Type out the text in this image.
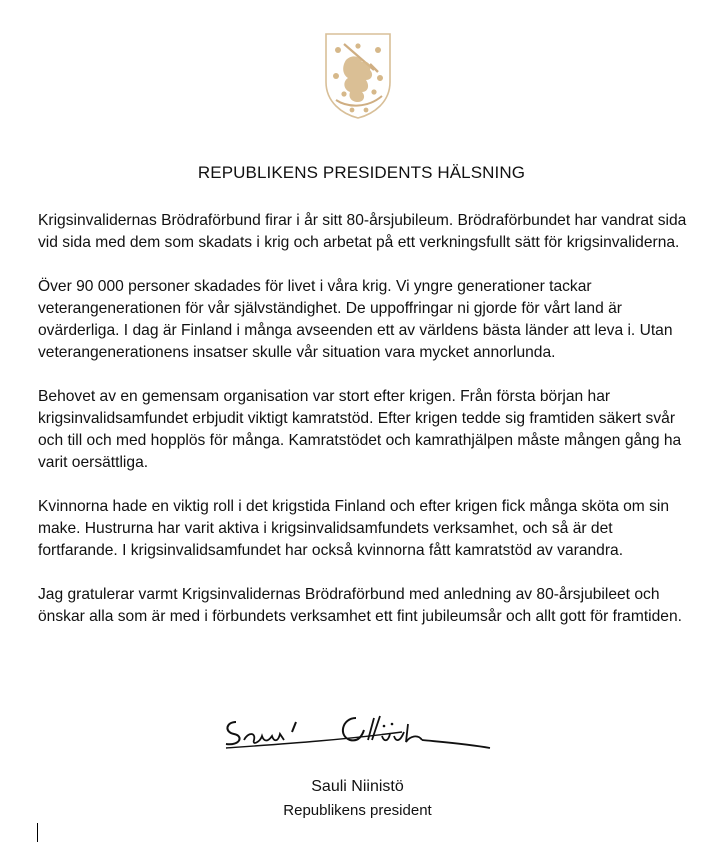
REPUBLIKENS PRESIDENTS HÄLSNING

Krigsinvalidernas Brödraförbund firar i år sitt 80-årsjubileum. Brödraförbundet har vandrat sida vid sida med dem som skadats i krig och arbetat på ett verkningsfullt sätt för krigsinvaliderna.

Över 90 000 personer skadades för livet i våra krig. Vi yngre generationer tackar veterangenerationen för vår självständighet. De uppoffringar ni gjorde för vårt land är ovärderliga. I dag är Finland i många avseenden ett av världens bästa länder att leva i. Utan veterangenerationens insatser skulle vår situation vara mycket annorlunda.

Behovet av en gemensam organisation var stort efter krigen. Från första början har krigsinvalidsamfundet erbjudit viktigt kamratstöd. Efter krigen tedde sig framtiden säkert svår och till och med hopplös för många. Kamratstödet och kamrathjälpen måste mången gång ha varit oersättliga.

Kvinnorna hade en viktig roll i det krigstida Finland och efter krigen fick många sköta om sin make. Hustrurna har varit aktiva i krigsinvalidsamfundets verksamhet, och så är det fortfarande. I krigsinvalidsamfundet har också kvinnorna fått kamratstöd av varandra.

Jag gratulerar varmt Krigsinvalidernas Brödraförbund med anledning av 80-årsjubileet och önskar alla som är med i förbundets verksamhet ett fint jubileumsår och allt gott för framtiden.

Sauli Niinistö

Republikens president
